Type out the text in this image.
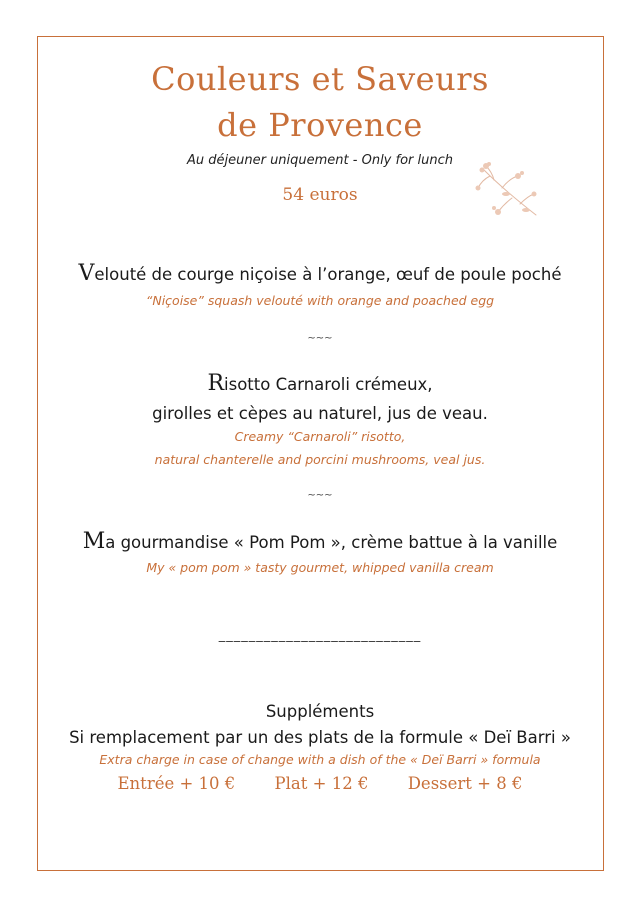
Couleurs et Saveurs
de Provence
Au déjeuner uniquement - Only for lunch
54 euros
Velouté de courge niçoise à l’orange, œuf de poule poché
“Niçoise” squash velouté with orange and poached egg
~~~
Risotto Carnaroli crémeux,
girolles et cèpes au naturel, jus de veau.
Creamy “Carnaroli” risotto,
natural chanterelle and porcini mushrooms, veal jus.
~~~
Ma gourmandise « Pom Pom », crème battue à la vanille
My « pom pom » tasty gourmet, whipped vanilla cream
___________________________
Suppléments
Si remplacement par un des plats de la formule « Deï Barri »
Extra charge in case of change with a dish of the « Deï Barri » formula
Entrée + 10 € Plat + 12 € Dessert + 8 €
